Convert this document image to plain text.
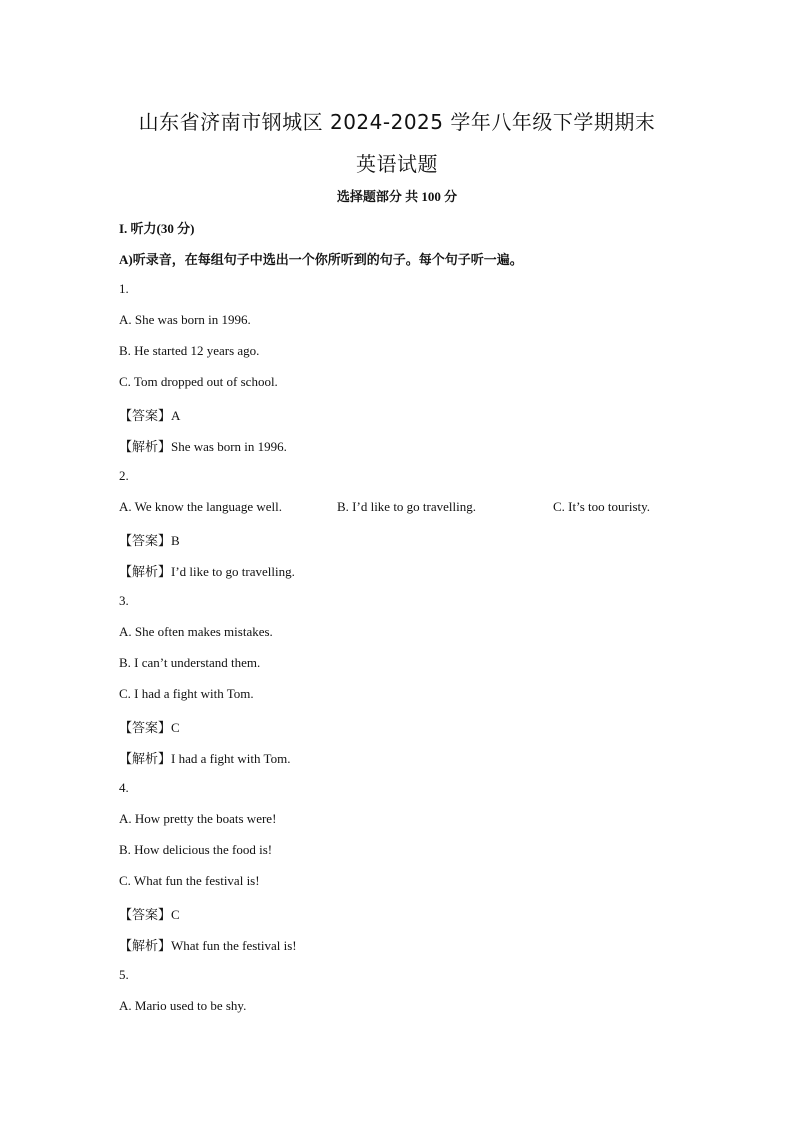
山东省济南市钢城区 2024-2025 学年八年级下学期期末
英语试题
选择题部分 共 100 分
I. 听力(30 分)
A)听录音，在每组句子中选出一个你所听到的句子。每个句子听一遍。
1.
A. She was born in 1996.
B. He started 12 years ago.
C. Tom dropped out of school.
【答案】A
【解析】She was born in 1996.
2.
A. We know the language well.	B. I’d like to go travelling.	C. It’s too touristy.
【答案】B
【解析】I’d like to go travelling.
3.
A. She often makes mistakes.
B. I can’t understand them.
C. I had a fight with Tom.
【答案】C
【解析】I had a fight with Tom.
4.
A. How pretty the boats were!
B. How delicious the food is!
C. What fun the festival is!
【答案】C
【解析】What fun the festival is!
5.
A. Mario used to be shy.
